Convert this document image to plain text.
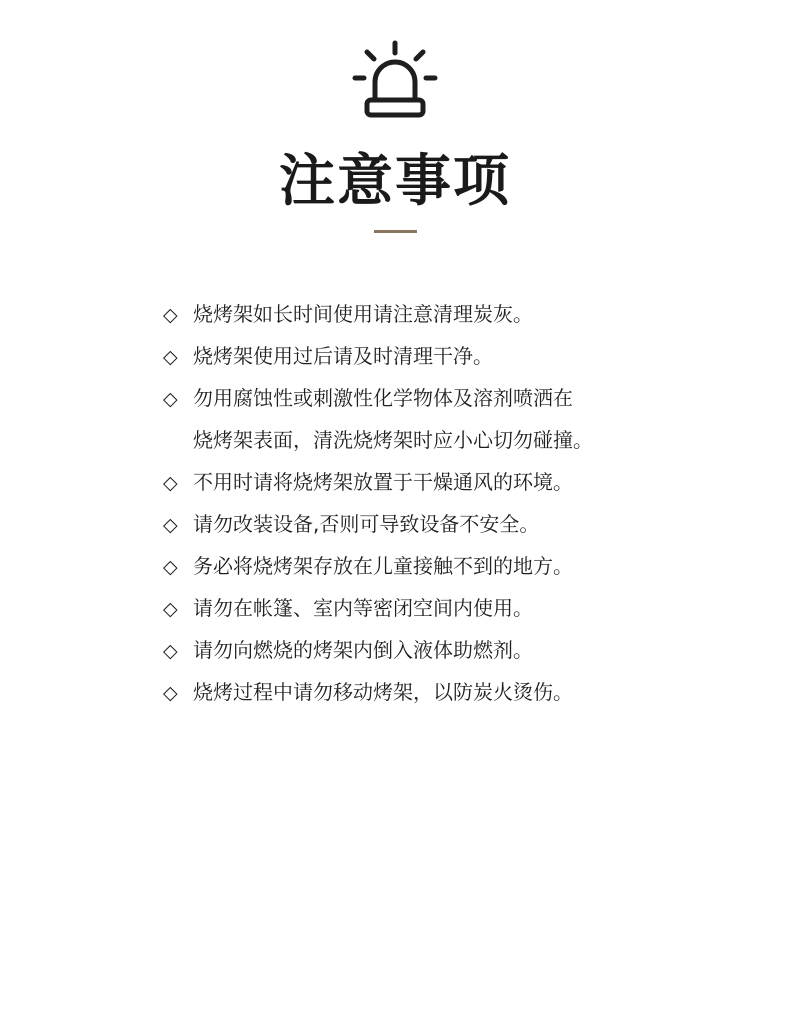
注意事项
◇ 烧烤架如长时间使用请注意清理炭灰。
◇ 烧烤架使用过后请及时清理干净。
◇ 勿用腐蚀性或刺激性化学物体及溶剂喷洒在
烧烤架表面，清洗烧烤架时应小心切勿碰撞。
◇ 不用时请将烧烤架放置于干燥通风的环境。
◇ 请勿改装设备,否则可导致设备不安全。
◇ 务必将烧烤架存放在儿童接触不到的地方。
◇ 请勿在帐篷、室内等密闭空间内使用。
◇ 请勿向燃烧的烤架内倒入液体助燃剂。
◇ 烧烤过程中请勿移动烤架，以防炭火烫伤。
